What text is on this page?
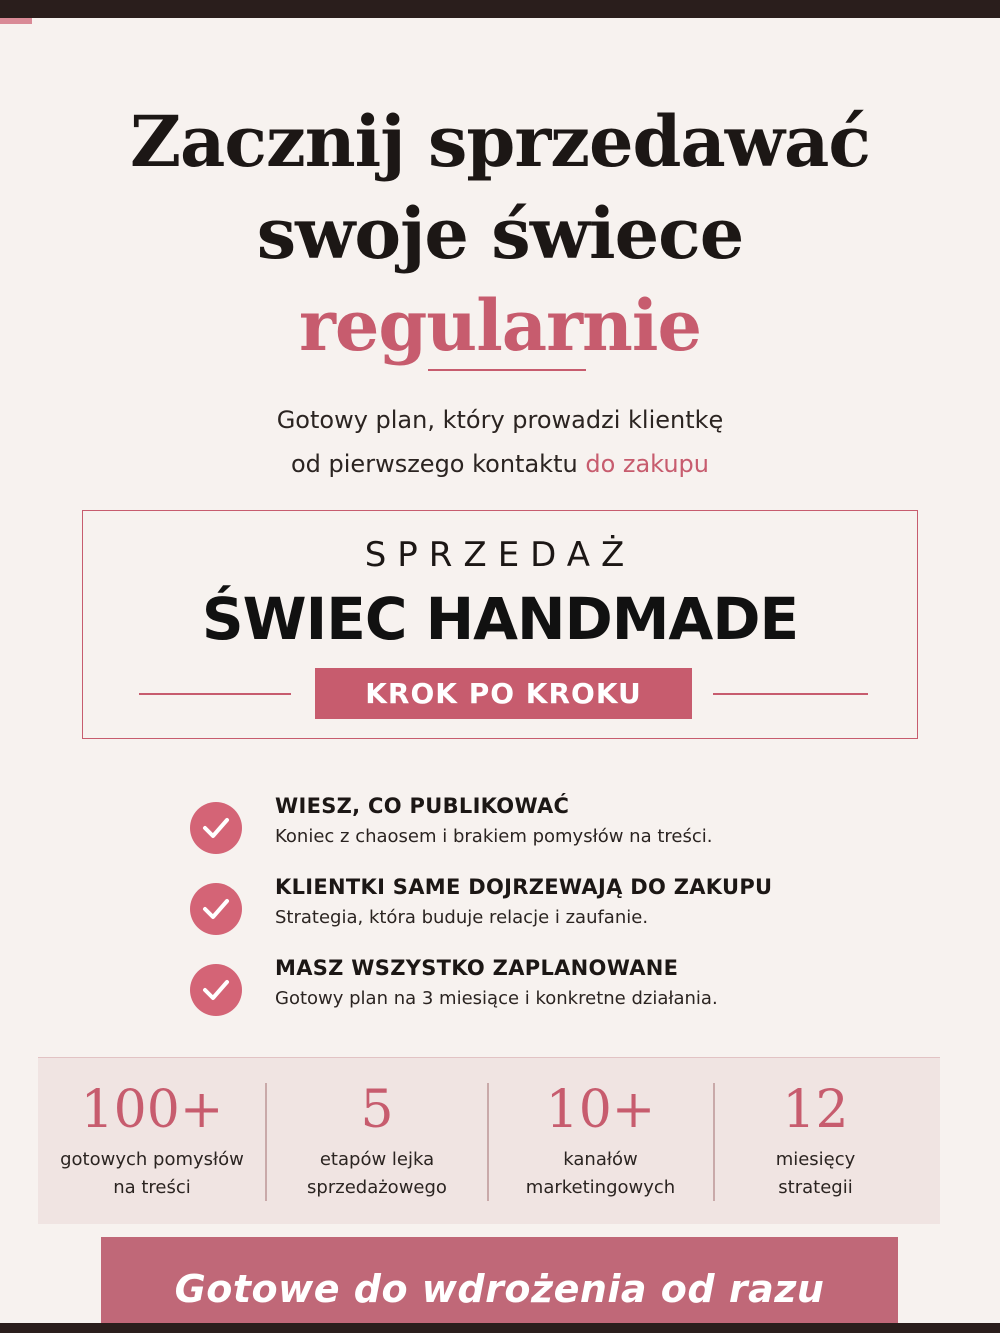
Zacznij sprzedawać
swoje świece
regularnie

Gotowy plan, który prowadzi klientkę
od pierwszego kontaktu do zakupu

SPRZEDAŻ
ŚWIEC HANDMADE
KROK PO KROKU
WIESZ, CO PUBLIKOWAĆ
Koniec z chaosem i brakiem pomysłów na treści.
KLIENTKI SAME DOJRZEWAJĄ DO ZAKUPU
Strategia, która buduje relacje i zaufanie.
MASZ WSZYSTKO ZAPLANOWANE
Gotowy plan na 3 miesiące i konkretne działania.
100+
gotowych pomysłów
na treści
5
etapów lejka
sprzedażowego
10+
kanałów
marketingowych
12
miesięcy
strategii
Gotowe do wdrożenia od razu
